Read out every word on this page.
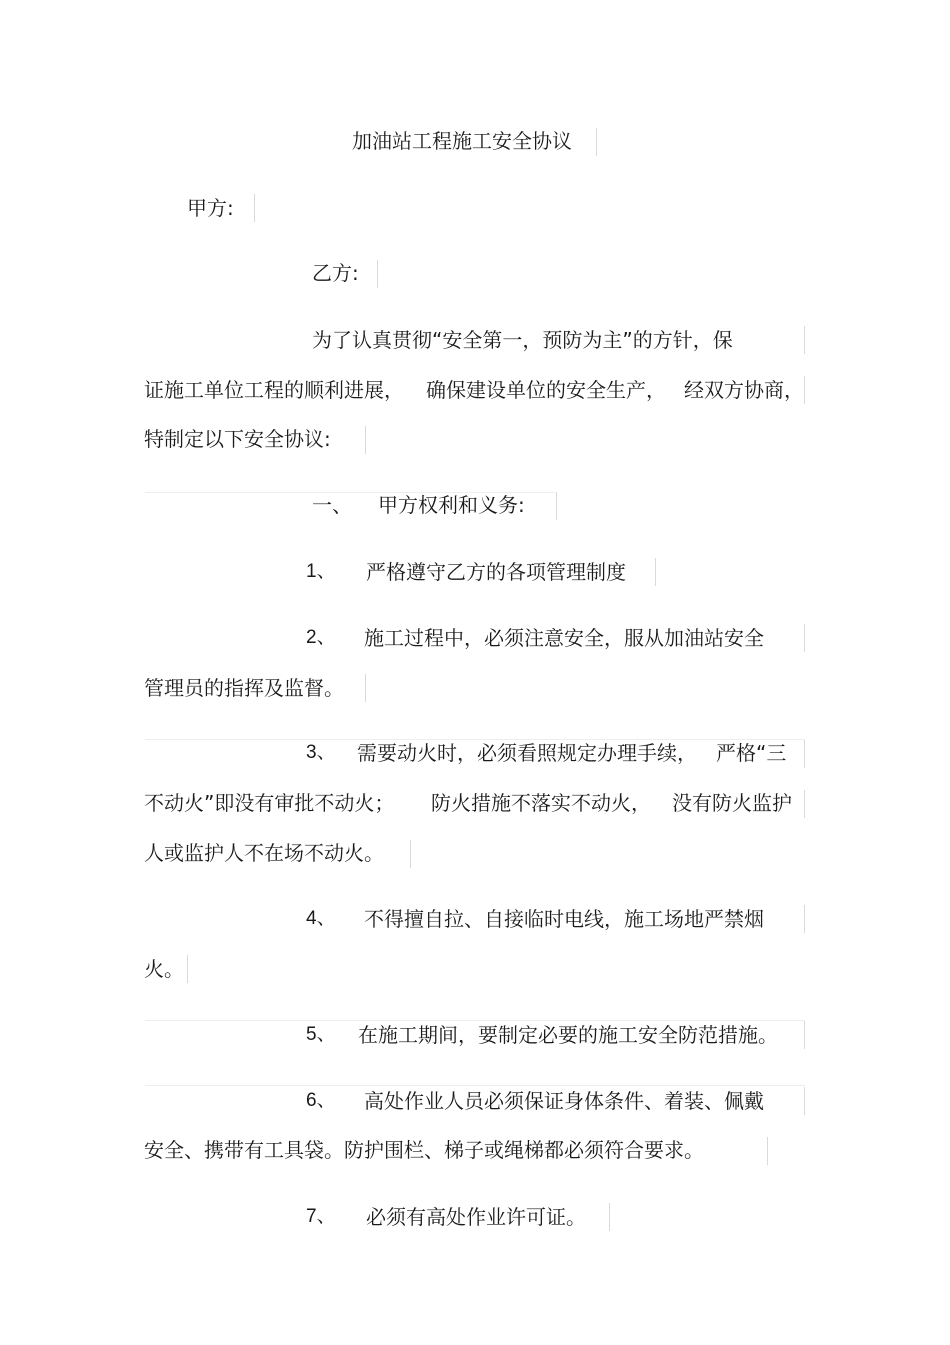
加油站工程施工安全协议
甲方:
乙方:
为了认真贯彻“安全第一，预防为主”的方针，保
证施工单位工程的顺利进展， 确保建设单位的安全生产， 经双方协商，
特制定以下安全协议:
一、 甲方权利和义务:
1、 严格遵守乙方的各项管理制度
2、 施工过程中，必须注意安全，服从加油站安全
管理员的指挥及监督。
3、 需要动火时，必须看照规定办理手续， 严格“三
不动火”即没有审批不动火； 防火措施不落实不动火， 没有防火监护
人或监护人不在场不动火。
4、 不得擅自拉、自接临时电线，施工场地严禁烟
火。
5、 在施工期间，要制定必要的施工安全防范措施。
6、 高处作业人员必须保证身体条件、着装、佩戴
安全、携带有工具袋。防护围栏、梯子或绳梯都必须符合要求。
7、 必须有高处作业许可证。
